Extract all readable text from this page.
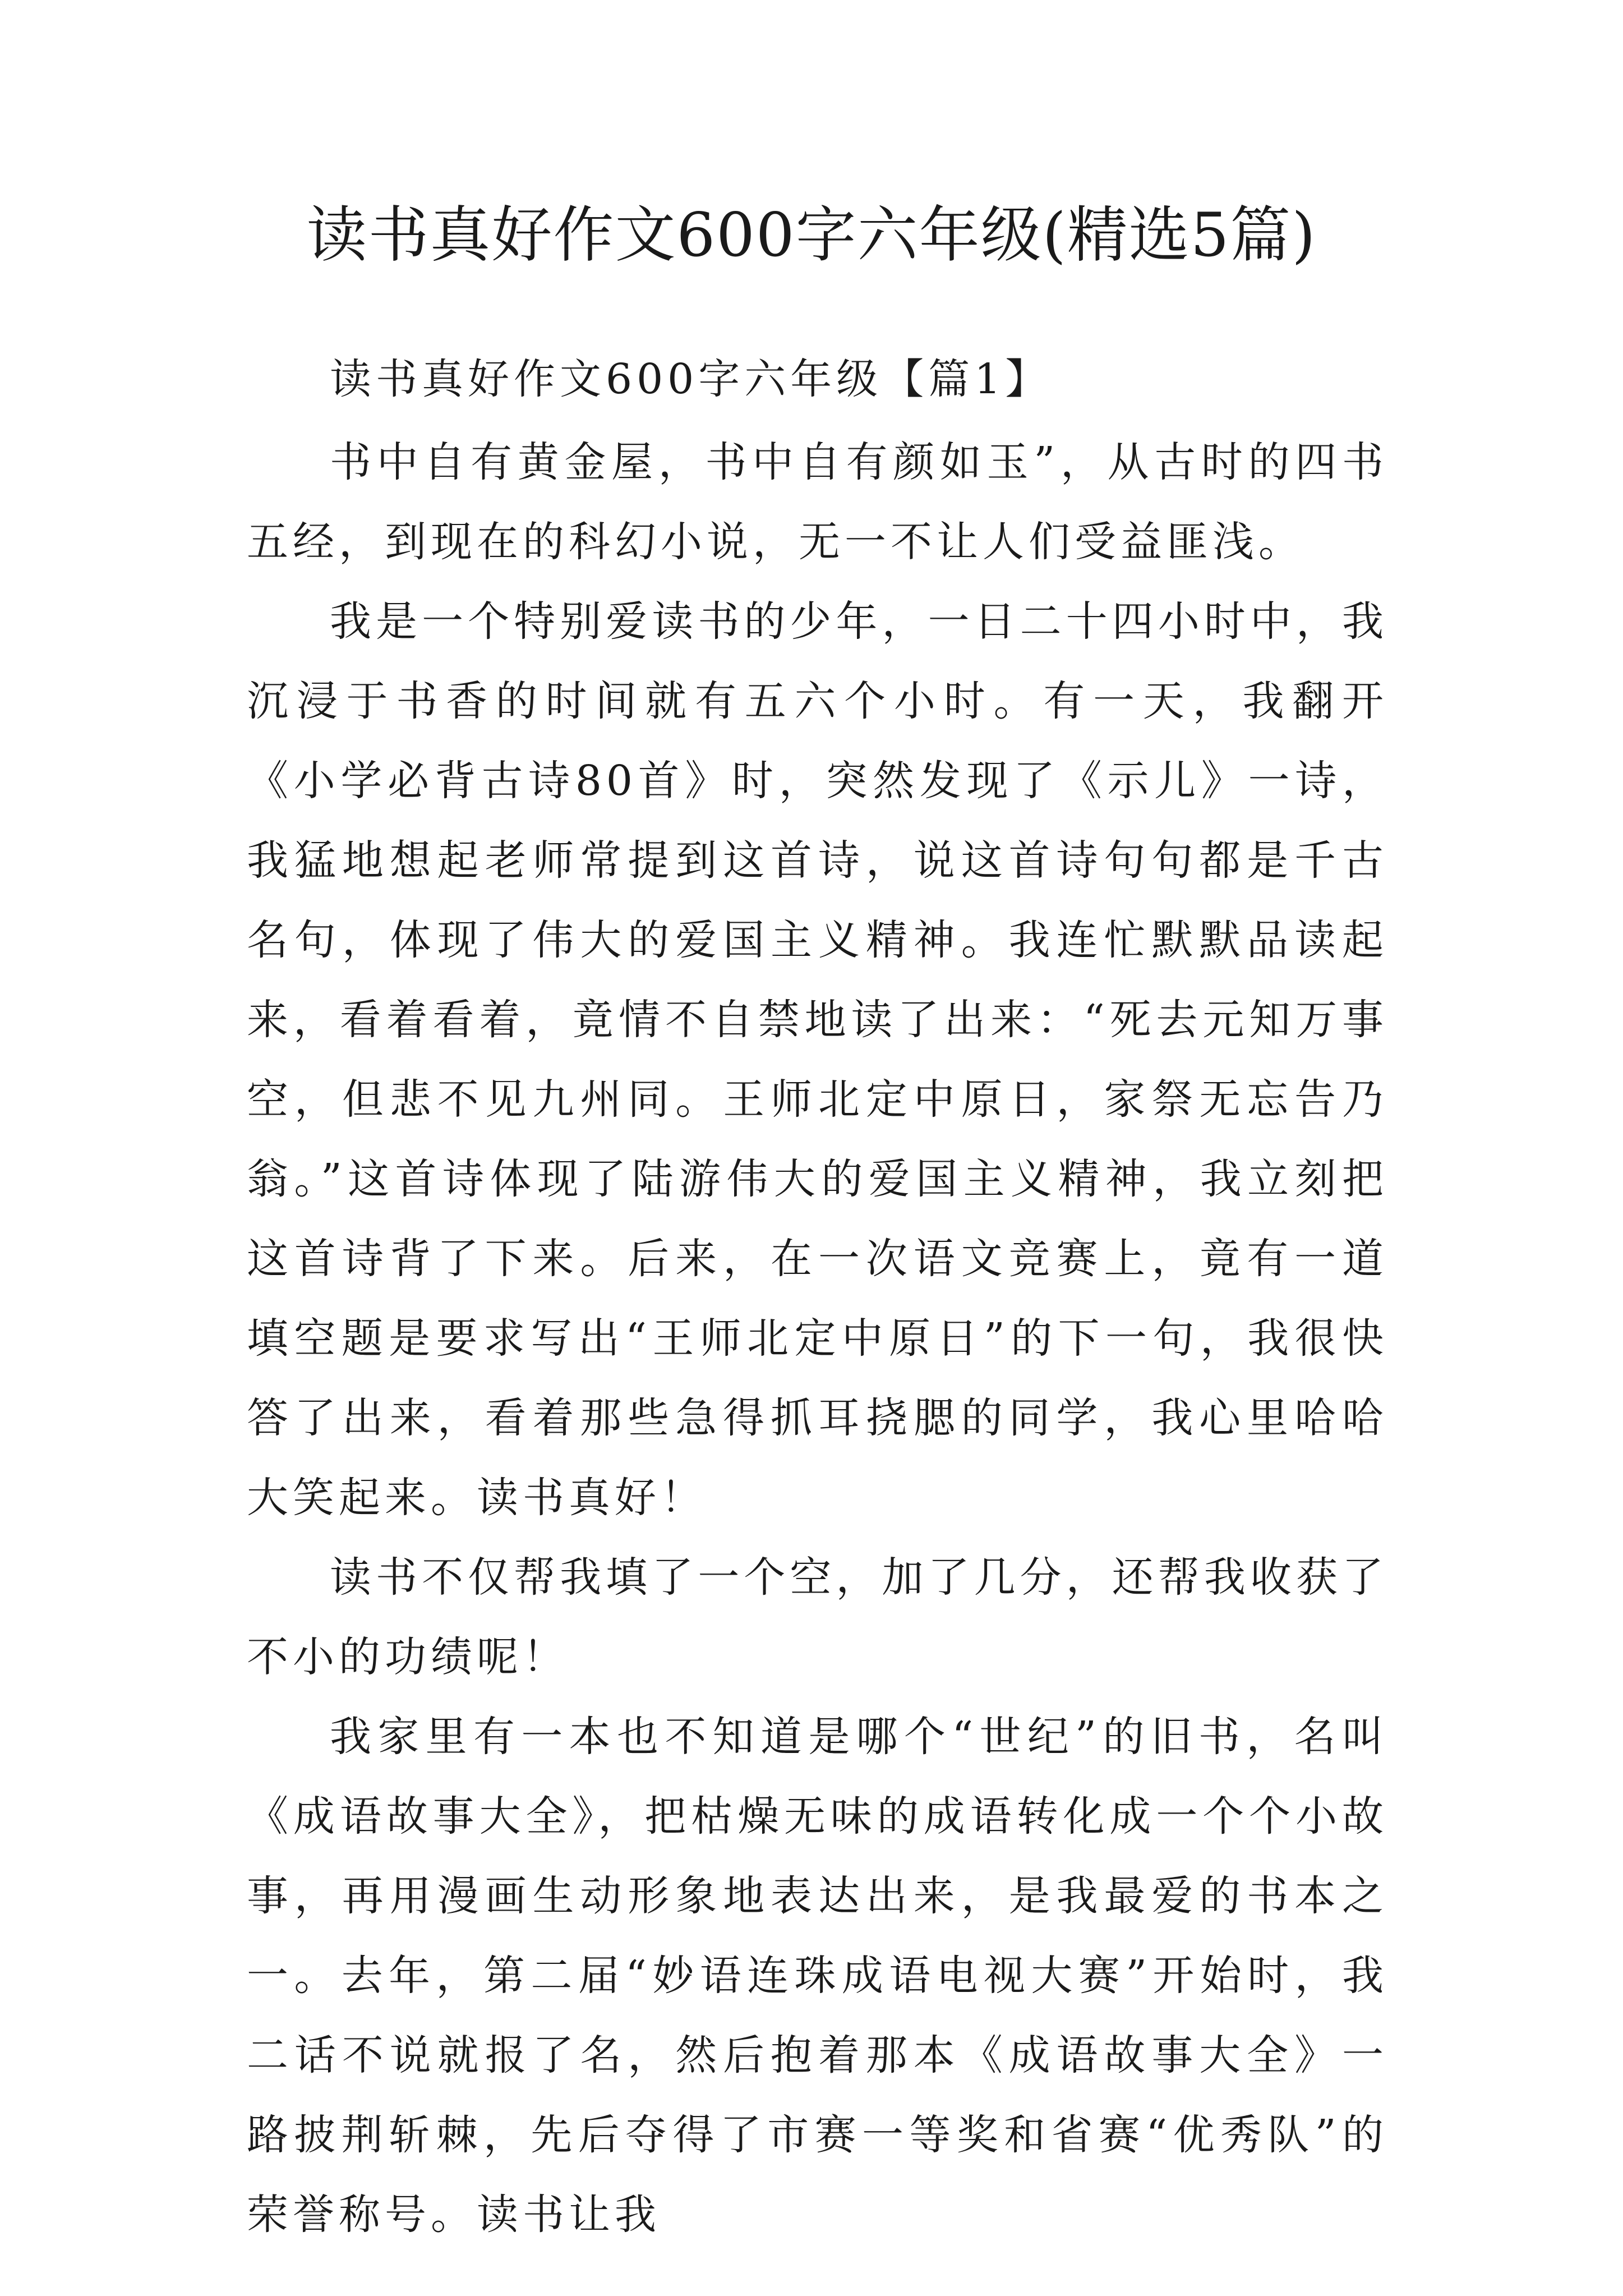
读书真好作文600字六年级(精选5篇)

读书真好作文600字六年级【篇1】

书中自有黄金屋，书中自有颜如玉”，从古时的四书五经，到现在的科幻小说，无一不让人们受益匪浅。

我是一个特别爱读书的少年，一日二十四小时中，我沉浸于书香的时间就有五六个小时。有一天，我翻开《小学必背古诗80首》时，突然发现了《示儿》一诗，我猛地想起老师常提到这首诗，说这首诗句句都是千古名句，体现了伟大的爱国主义精神。我连忙默默品读起来，看着看着，竟情不自禁地读了出来：“死去元知万事空，但悲不见九州同。王师北定中原日，家祭无忘告乃翁。”这首诗体现了陆游伟大的爱国主义精神，我立刻把这首诗背了下来。后来，在一次语文竞赛上，竟有一道填空题是要求写出“王师北定中原日”的下一句，我很快答了出来，看着那些急得抓耳挠腮的同学，我心里哈哈大笑起来。读书真好！

读书不仅帮我填了一个空，加了几分，还帮我收获了不小的功绩呢！

我家里有一本也不知道是哪个“世纪”的旧书，名叫《成语故事大全》，把枯燥无味的成语转化成一个个小故事，再用漫画生动形象地表达出来，是我最爱的书本之一。去年，第二届“妙语连珠成语电视大赛”开始时，我二话不说就报了名，然后抱着那本《成语故事大全》一路披荆斩棘，先后夺得了市赛一等奖和省赛“优秀队”的荣誉称号。读书让我
